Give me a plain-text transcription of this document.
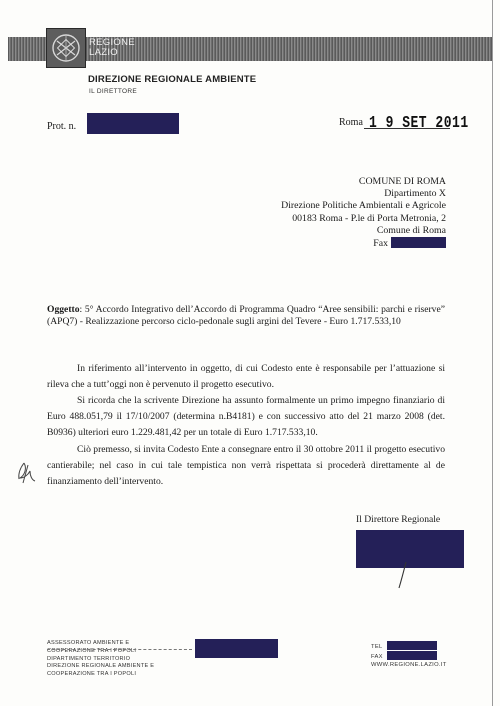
REGIONE
LAZIO
DIREZIONE REGIONALE AMBIENTE
IL DIRETTORE
Prot. n.	Roma 1 9 SET 2011
COMUNE DI ROMA
Dipartimento X
Direzione Politiche Ambientali e Agricole
00183 Roma - P.le di Porta Metronia, 2
Comune di Roma
Fax
Oggetto: 5° Accordo Integrativo dell’Accordo di Programma Quadro “Aree sensibili: parchi e riserve” (APQ7) - Realizzazione percorso ciclo-pedonale sugli argini del Tevere - Euro 1.717.533,10
In riferimento all’intervento in oggetto, di cui Codesto ente è responsabile per l’attuazione si rileva che a tutt’oggi non è pervenuto il progetto esecutivo.
Si ricorda che la scrivente Direzione ha assunto formalmente un primo impegno finanziario di Euro 488.051,79 il 17/10/2007 (determina n.B4181) e con successivo atto del 21 marzo 2008 (det. B0936) ulteriori euro 1.229.481,42 per un totale di Euro 1.717.533,10.
Ciò premesso, si invita Codesto Ente a consegnare entro il 30 ottobre 2011 il progetto esecutivo cantierabile; nel caso in cui tale tempistica non verrà rispettata si procederà direttamente al de finanziamento dell’intervento.
Il Direttore Regionale
ASSESSORATO AMBIENTE E
COOPERAZIONE TRA I POPOLI
DIPARTIMENTO TERRITORIO
DIREZIONE REGIONALE AMBIENTE E
COOPERAZIONE TRA I POPOLI
TEL
FAX
WWW.REGIONE.LAZIO.IT
